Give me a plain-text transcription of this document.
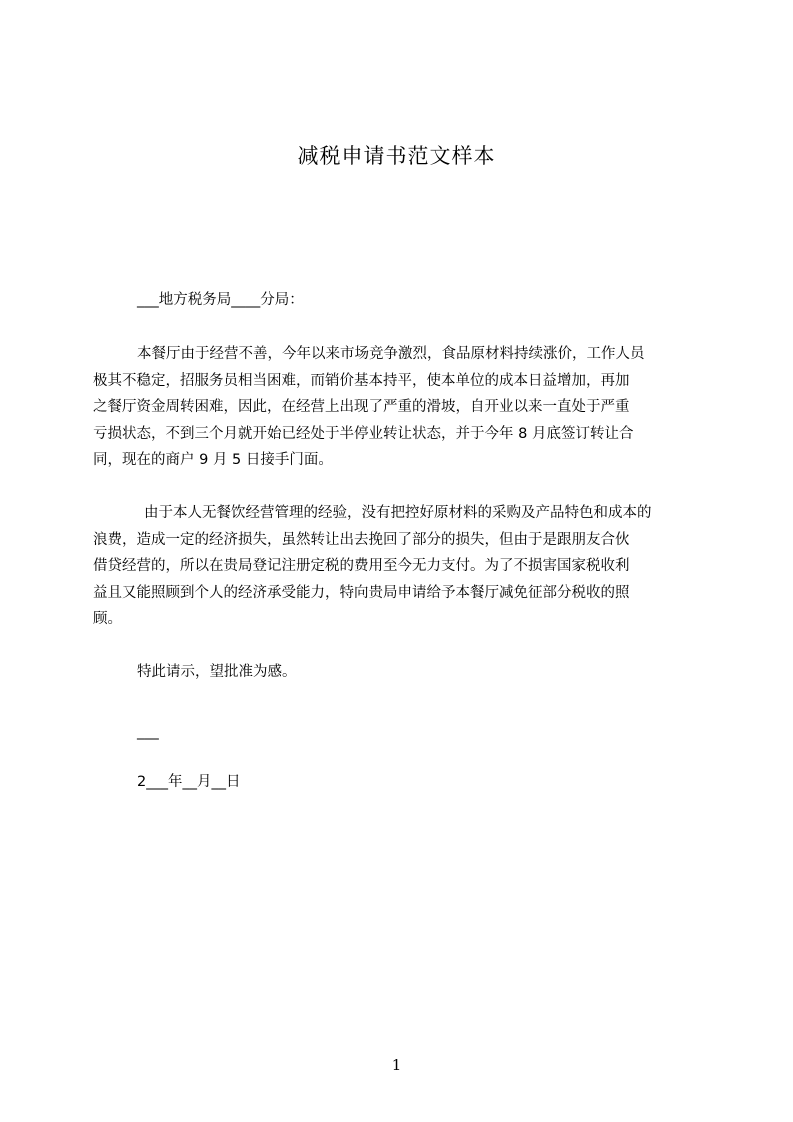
减税申请书范文样本
___地方税务局____分局：
本餐厅由于经营不善，今年以来市场竞争激烈，食品原材料持续涨价，工作人员
极其不稳定，招服务员相当困难，而销价基本持平，使本单位的成本日益增加，再加
之餐厅资金周转困难，因此，在经营上出现了严重的滑坡，自开业以来一直处于严重
亏损状态，不到三个月就开始已经处于半停业转让状态，并于今年 8 月底签订转让合
同，现在的商户 9 月 5 日接手门面。
由于本人无餐饮经营管理的经验，没有把控好原材料的采购及产品特色和成本的
浪费，造成一定的经济损失，虽然转让出去挽回了部分的损失，但由于是跟朋友合伙
借贷经营的，所以在贵局登记注册定税的费用至今无力支付。为了不损害国家税收利
益且又能照顾到个人的经济承受能力，特向贵局申请给予本餐厅减免征部分税收的照
顾。
特此请示，望批准为感。
___
2___年__月__日
1
